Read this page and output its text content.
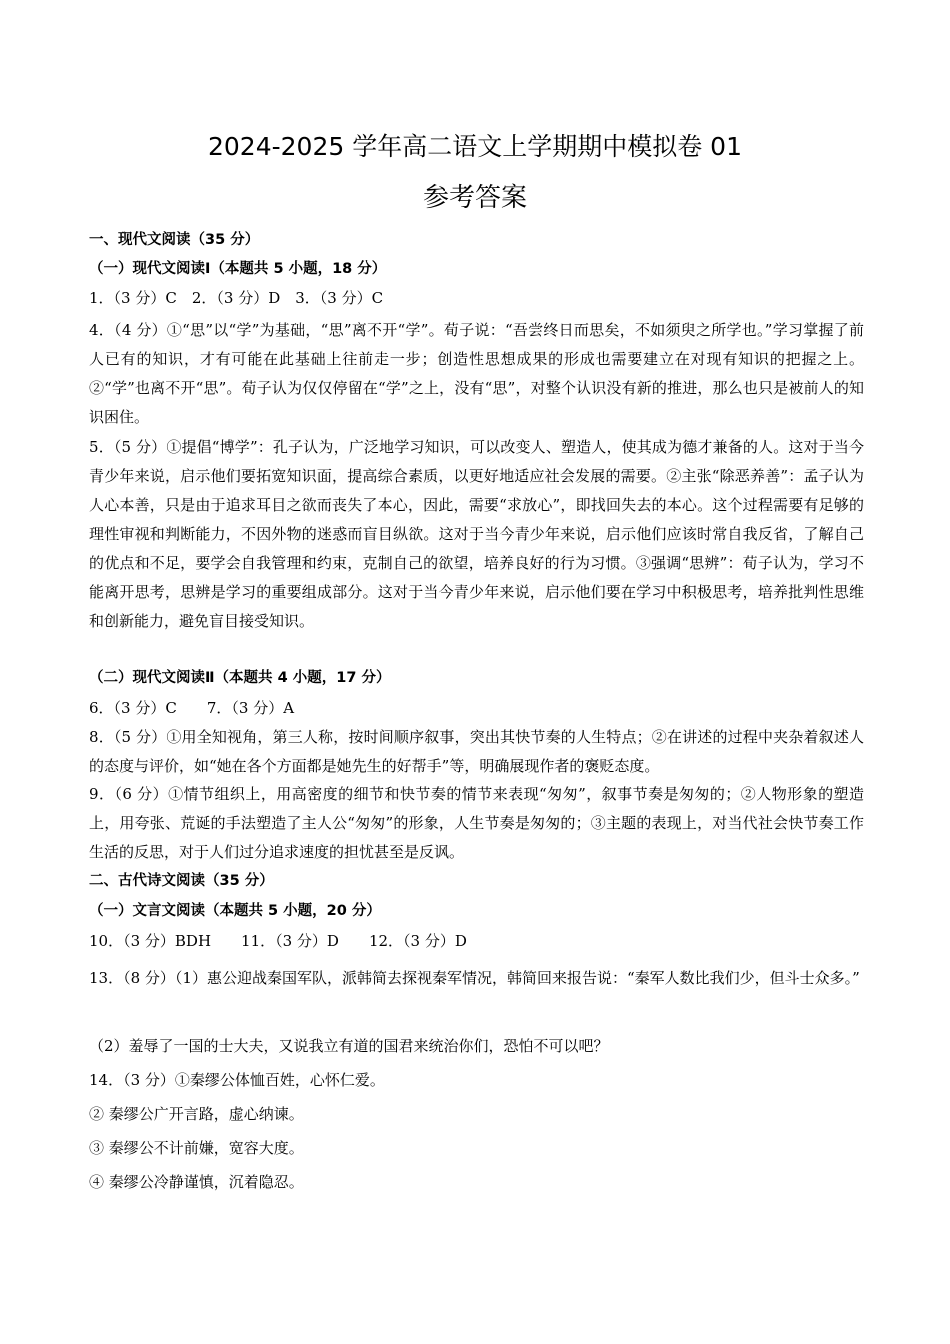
2024-2025 学年高二语文上学期期中模拟卷 01
参考答案
一、现代文阅读（35 分）
（一）现代文阅读Ⅰ（本题共 5 小题，18 分）
1．（3 分）C　2．（3 分）D　3．（3 分）C
4．（4 分）①“思”以“学”为基础，“思”离不开“学”。荀子说：“吾尝终日而思矣，不如须臾之所学也。”学习掌握了前人已有的知识，才有可能在此基础上往前走一步；创造性思想成果的形成也需要建立在对现有知识的把握之上。 ②“学”也离不开“思”。荀子认为仅仅停留在“学”之上，没有“思”，对整个认识没有新的推进，那么也只是被前人的知识困住。
5．（5 分）①提倡“博学”：孔子认为，广泛地学习知识，可以改变人、塑造人，使其成为德才兼备的人。这对于当今青少年来说，启示他们要拓宽知识面，提高综合素质，以更好地适应社会发展的需要。②主张“除恶养善”：孟子认为人心本善，只是由于追求耳目之欲而丧失了本心，因此，需要“求放心”，即找回失去的本心。这个过程需要有足够的理性审视和判断能力，不因外物的迷惑而盲目纵欲。这对于当今青少年来说，启示他们应该时常自我反省，了解自己的优点和不足，要学会自我管理和约束，克制自己的欲望，培养良好的行为习惯。③强调“思辨”：荀子认为，学习不能离开思考，思辨是学习的重要组成部分。这对于当今青少年来说，启示他们要在学习中积极思考，培养批判性思维和创新能力，避免盲目接受知识。
（二）现代文阅读Ⅱ（本题共 4 小题，17 分）
6．（3 分）C　　7．（3 分）A
8．（5 分）①用全知视角，第三人称，按时间顺序叙事，突出其快节奏的人生特点；②在讲述的过程中夹杂着叙述人的态度与评价，如“她在各个方面都是她先生的好帮手”等，明确展现作者的褒贬态度。
9．（6 分）①情节组织上，用高密度的细节和快节奏的情节来表现“匆匆”，叙事节奏是匆匆的；②人物形象的塑造上，用夸张、荒诞的手法塑造了主人公“匆匆”的形象，人生节奏是匆匆的；③主题的表现上，对当代社会快节奏工作生活的反思，对于人们过分追求速度的担忧甚至是反讽。
二、古代诗文阅读（35 分）
（一）文言文阅读（本题共 5 小题，20 分）
10．（3 分）BDH　　11．（3 分）D　　12．（3 分）D
13．（8 分）（1）惠公迎战秦国军队，派韩简去探视秦军情况，韩简回来报告说：“秦军人数比我们少，但斗士众多。”
（2）羞辱了一国的士大夫，又说我立有道的国君来统治你们，恐怕不可以吧？
14．（3 分）①秦缪公体恤百姓，心怀仁爱。
② 秦缪公广开言路，虚心纳谏。
③ 秦缪公不计前嫌，宽容大度。
④ 秦缪公冷静谨慎，沉着隐忍。
